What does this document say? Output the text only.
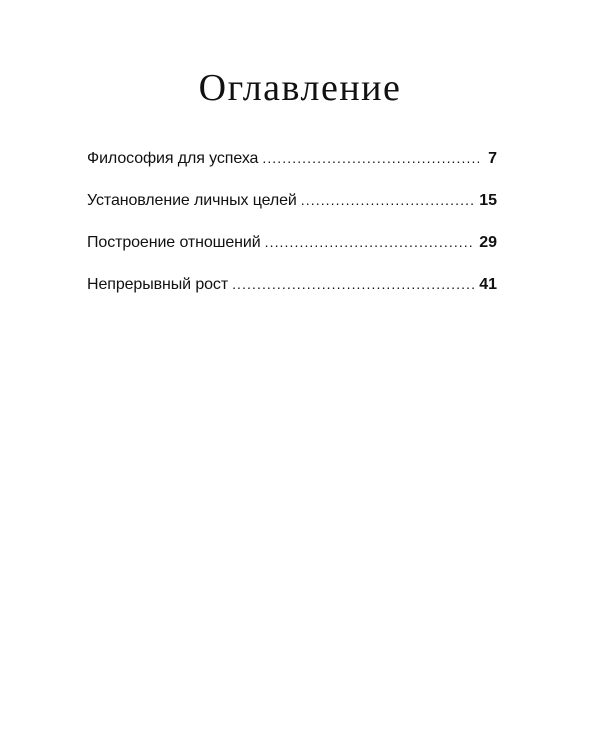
Оглавление
Философия для успеха . . .	7
Установление личных целей . . .	15
Построение отношений . . .	29
Непрерывный рост . . .	41
